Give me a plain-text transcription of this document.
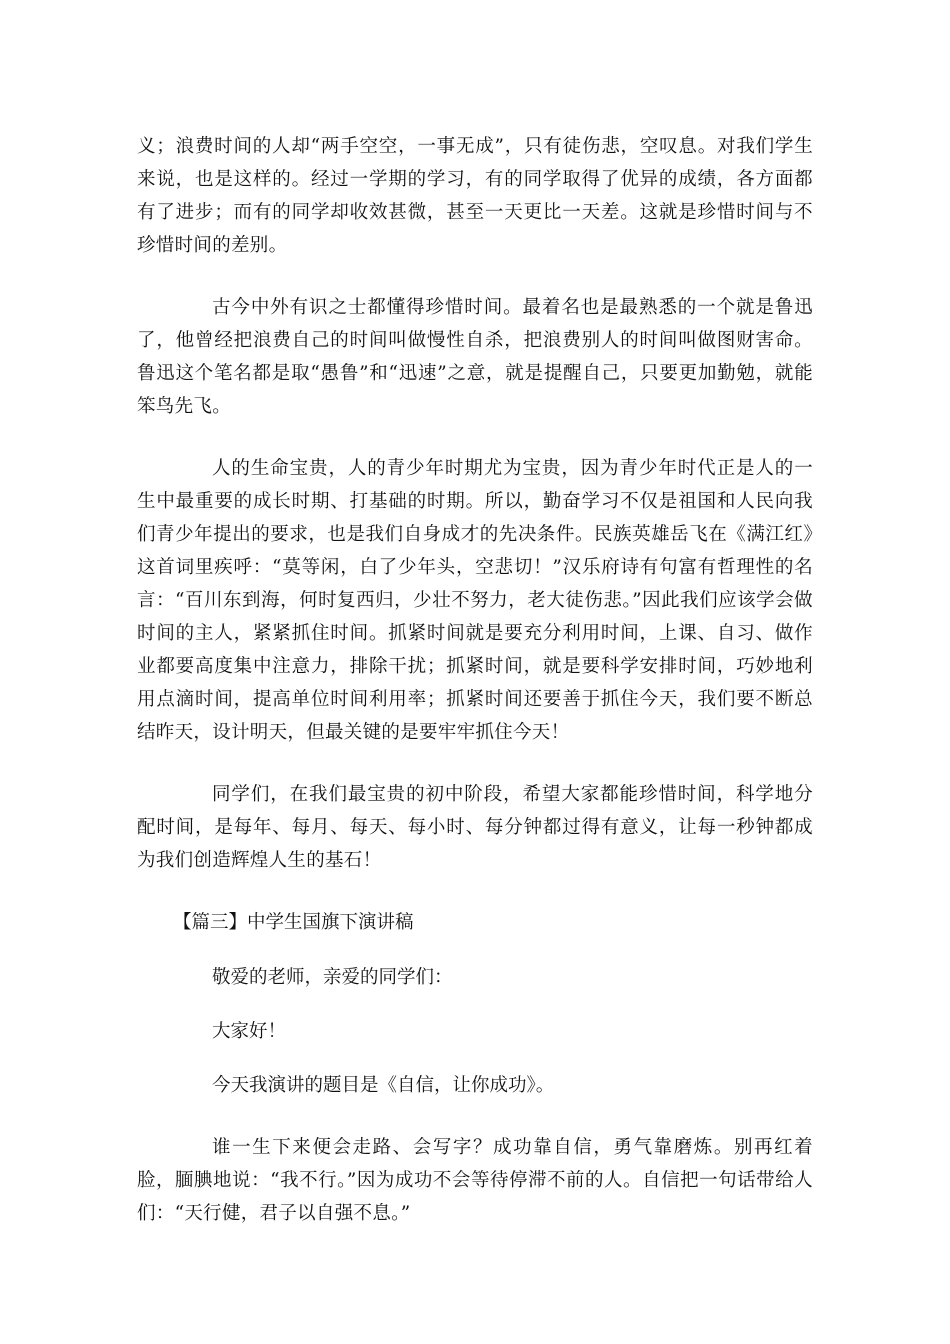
义；浪费时间的人却“两手空空，一事无成”，只有徒伤悲，空叹息。对我们学生来说，也是这样的。经过一学期的学习，有的同学取得了优异的成绩，各方面都有了进步；而有的同学却收效甚微，甚至一天更比一天差。这就是珍惜时间与不珍惜时间的差别。

古今中外有识之士都懂得珍惜时间。最着名也是最熟悉的一个就是鲁迅了，他曾经把浪费自己的时间叫做慢性自杀，把浪费别人的时间叫做图财害命。鲁迅这个笔名都是取“愚鲁”和“迅速”之意，就是提醒自己，只要更加勤勉，就能笨鸟先飞。

人的生命宝贵，人的青少年时期尤为宝贵，因为青少年时代正是人的一生中最重要的成长时期、打基础的时期。所以，勤奋学习不仅是祖国和人民向我们青少年提出的要求，也是我们自身成才的先决条件。民族英雄岳飞在《满江红》这首词里疾呼：“莫等闲，白了少年头，空悲切！”汉乐府诗有句富有哲理性的名言：“百川东到海，何时复西归，少壮不努力，老大徒伤悲。”因此我们应该学会做时间的主人，紧紧抓住时间。抓紧时间就是要充分利用时间，上课、自习、做作业都要高度集中注意力，排除干扰；抓紧时间，就是要科学安排时间，巧妙地利用点滴时间，提高单位时间利用率；抓紧时间还要善于抓住今天，我们要不断总结昨天，设计明天，但最关键的是要牢牢抓住今天！

同学们，在我们最宝贵的初中阶段，希望大家都能珍惜时间，科学地分配时间，是每年、每月、每天、每小时、每分钟都过得有意义，让每一秒钟都成为我们创造辉煌人生的基石！

【篇三】中学生国旗下演讲稿

敬爱的老师，亲爱的同学们：

大家好！

今天我演讲的题目是《自信，让你成功》。

谁一生下来便会走路、会写字？成功靠自信，勇气靠磨炼。别再红着脸，腼腆地说：“我不行。”因为成功不会等待停滞不前的人。自信把一句话带给人们：“天行健，君子以自强不息。”
